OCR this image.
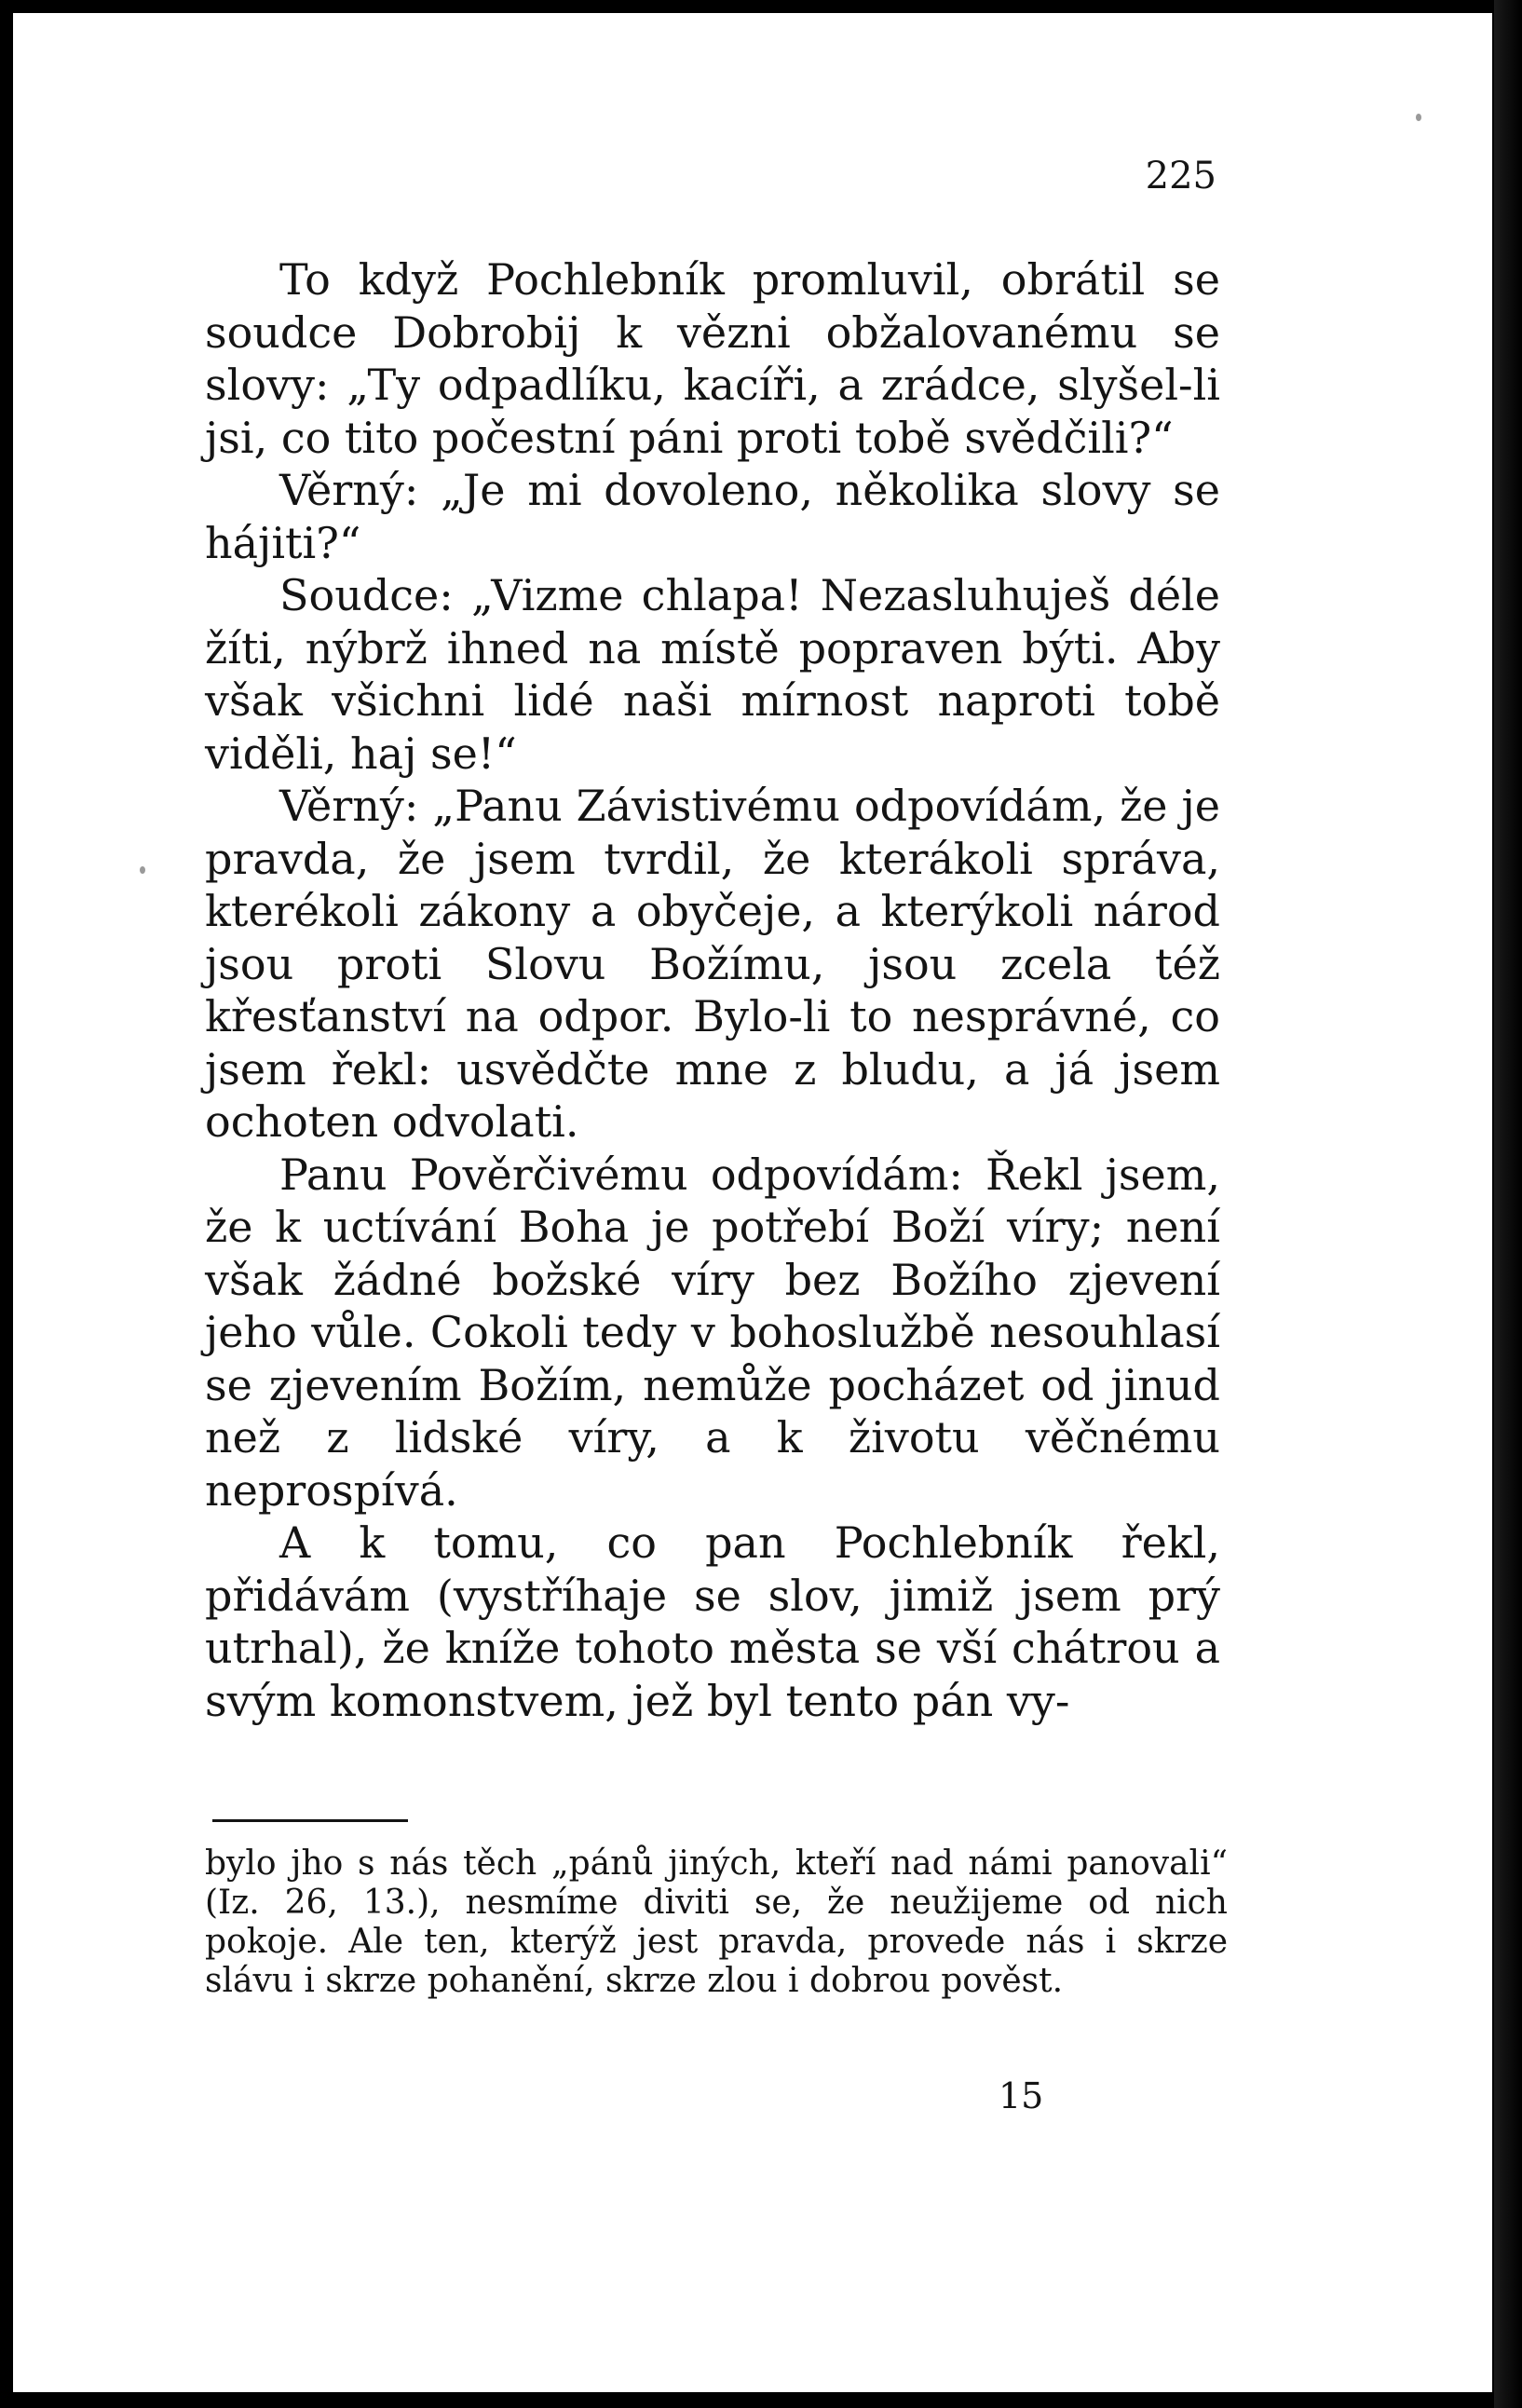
225

To když Pochlebník promluvil, obrátil se soudce Dobrobij k vězni obžalovanému se slovy: „Ty odpadlíku, kacíři, a zrádce, slyšel-li jsi, co tito počestní páni proti tobě svědčili?“

Věrný: „Je mi dovoleno, několika slovy se hájiti?“

Soudce: „Vizme chlapa! Nezasluhuješ déle žíti, nýbrž ihned na místě popraven býti. Aby však všichni lidé naši mírnost naproti tobě viděli, haj se!“

Věrný: „Panu Závistivému odpovídám, že je pravda, že jsem tvrdil, že kterákoli správa, kterékoli zákony a obyčeje, a kterýkoli národ jsou proti Slovu Božímu, jsou zcela též křesťanství na odpor. Bylo-li to nesprávné, co jsem řekl: usvědčte mne z bludu, a já jsem ochoten odvolati.

Panu Pověrčivému odpovídám: Řekl jsem, že k uctívání Boha je potřebí Boží víry; není však žádné božské víry bez Božího zjevení jeho vůle. Cokoli tedy v bohoslužbě nesouhlasí se zjevením Božím, nemůže pocházet od jinud než z lidské víry, a k životu věčnému neprospívá.

A k tomu, co pan Pochlebník řekl, přidávám (vystříhaje se slov, jimiž jsem prý utrhal), že kníže tohoto města se vší chátrou a svým komonstvem, jež byl tento pán vy-

bylo jho s nás těch „pánů jiných, kteří nad námi panovali“ (Iz. 26, 13.), nesmíme diviti se, že neužijeme od nich pokoje. Ale ten, kterýž jest pravda, provede nás i skrze slávu i skrze pohanění, skrze zlou i dobrou pověst.

15
